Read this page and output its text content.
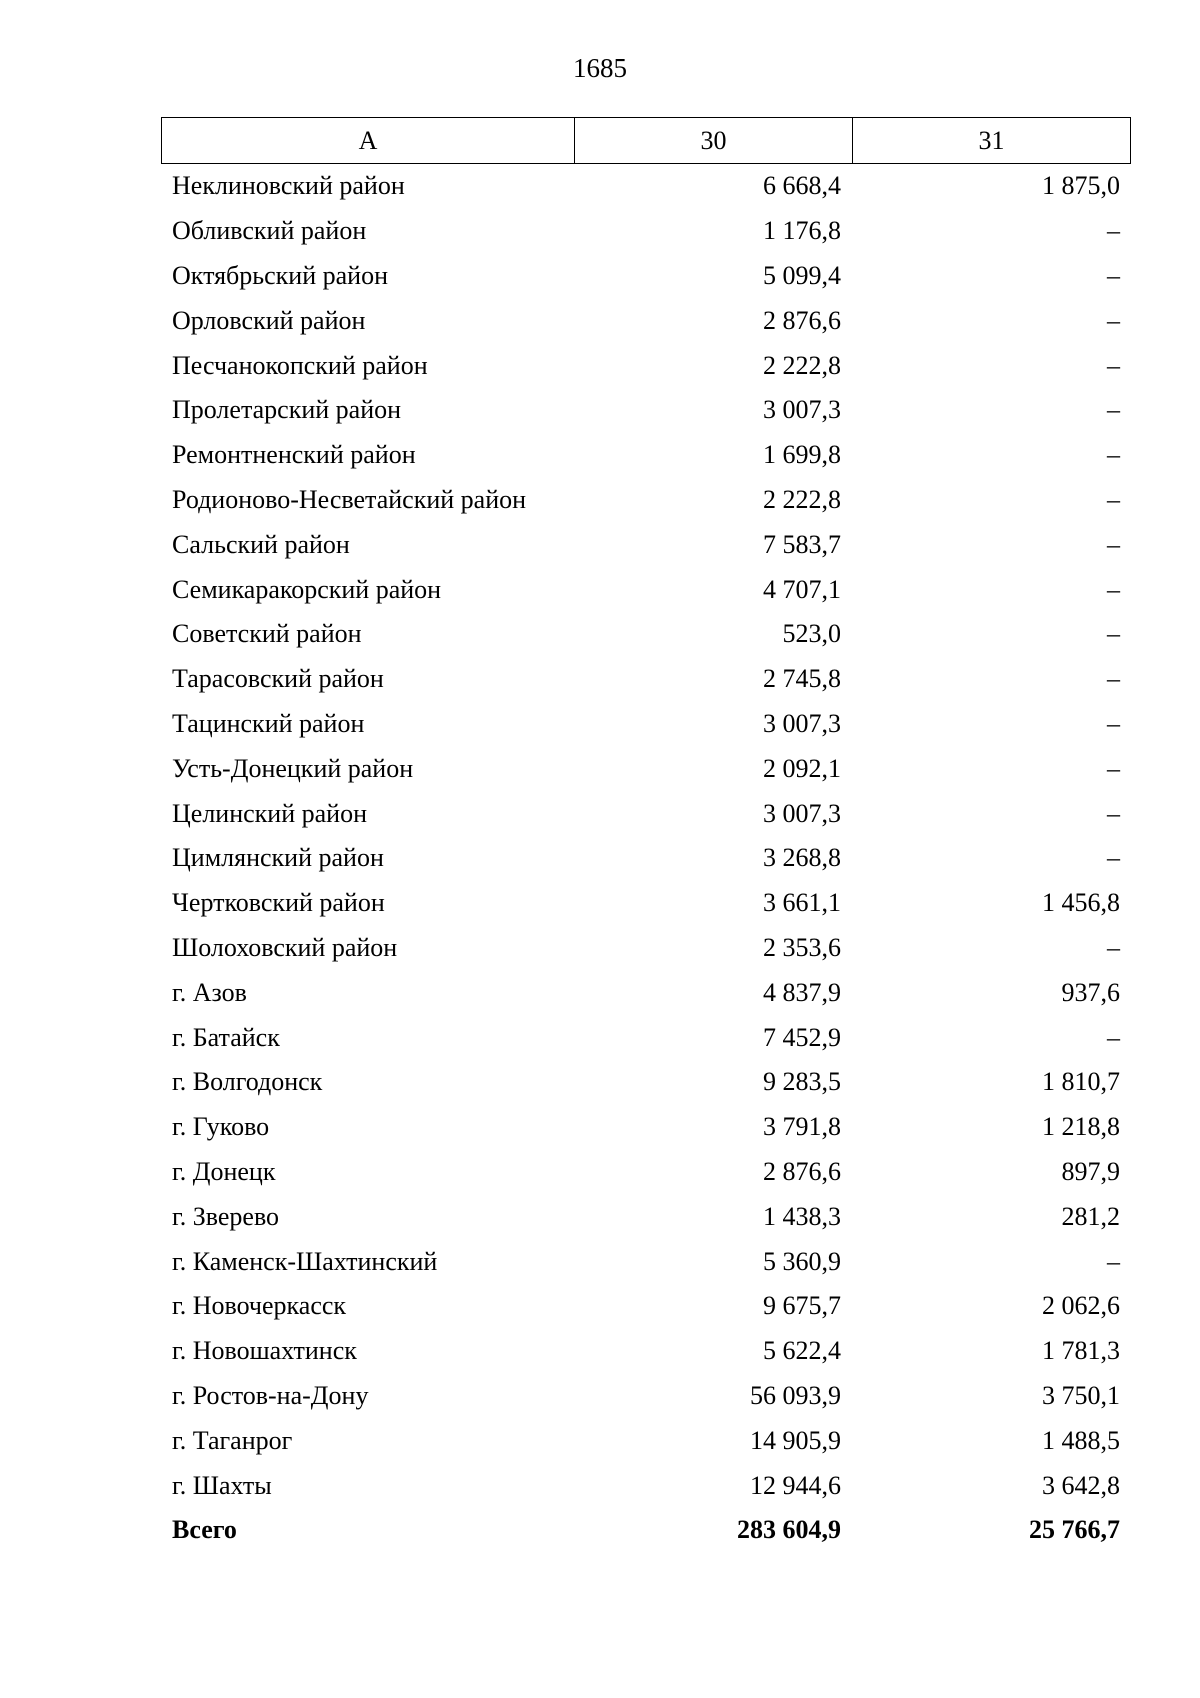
1685
А	30	31
Неклиновский район	6 668,4	1 875,0
Обливский район	1 176,8	–
Октябрьский район	5 099,4	–
Орловский район	2 876,6	–
Песчанокопский район	2 222,8	–
Пролетарский район	3 007,3	–
Ремонтненский район	1 699,8	–
Родионово-Несветайский район	2 222,8	–
Сальский район	7 583,7	–
Семикаракорский район	4 707,1	–
Советский район	523,0	–
Тарасовский район	2 745,8	–
Тацинский район	3 007,3	–
Усть-Донецкий район	2 092,1	–
Целинский район	3 007,3	–
Цимлянский район	3 268,8	–
Чертковский район	3 661,1	1 456,8
Шолоховский район	2 353,6	–
г. Азов	4 837,9	937,6
г. Батайск	7 452,9	–
г. Волгодонск	9 283,5	1 810,7
г. Гуково	3 791,8	1 218,8
г. Донецк	2 876,6	897,9
г. Зверево	1 438,3	281,2
г. Каменск-Шахтинский	5 360,9	–
г. Новочеркасск	9 675,7	2 062,6
г. Новошахтинск	5 622,4	1 781,3
г. Ростов-на-Дону	56 093,9	3 750,1
г. Таганрог	14 905,9	1 488,5
г. Шахты	12 944,6	3 642,8
Всего	283 604,9	25 766,7
